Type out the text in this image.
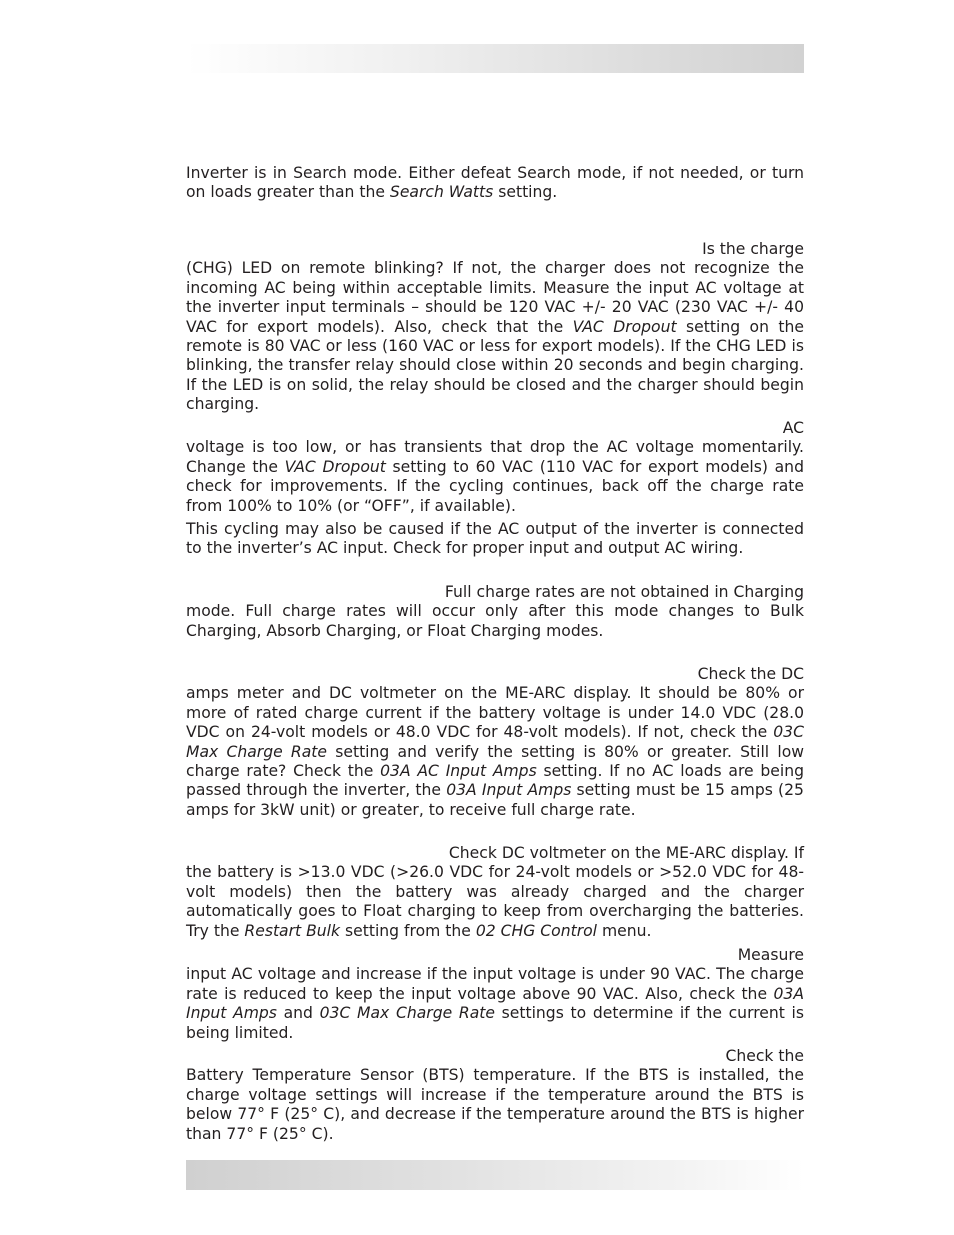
Inverter is in Search mode. Either defeat Search mode, if not needed, or turn on loads greater than the Search Watts setting.

Is the charge
(CHG) LED on remote blinking? If not, the charger does not recognize the incoming AC being within acceptable limits. Measure the input AC voltage at the inverter input terminals – should be 120 VAC +/- 20 VAC (230 VAC +/- 40 VAC for export models). Also, check that the VAC Dropout setting on the remote is 80 VAC or less (160 VAC or less for export models). If the CHG LED is blinking, the transfer relay should close within 20 seconds and begin charging. If the LED is on solid, the relay should be closed and the charger should begin charging.

AC
voltage is too low, or has transients that drop the AC voltage momentarily. Change the VAC Dropout setting to 60 VAC (110 VAC for export models) and check for improvements. If the cycling continues, back off the charge rate from 100% to 10% (or “OFF”, if available).

This cycling may also be caused if the AC output of the inverter is connected to the inverter’s AC input. Check for proper input and output AC wiring.

Full charge rates are not obtained in Charging
mode. Full charge rates will occur only after this mode changes to Bulk Charging, Absorb Charging, or Float Charging modes.

Check the DC
amps meter and DC voltmeter on the ME-ARC display. It should be 80% or more of rated charge current if the battery voltage is under 14.0 VDC (28.0 VDC on 24-volt models or 48.0 VDC for 48-volt models). If not, check the 03C Max Charge Rate setting and verify the setting is 80% or greater. Still low charge rate? Check the 03A AC Input Amps setting. If no AC loads are being passed through the inverter, the 03A Input Amps setting must be 15 amps (25 amps for 3kW unit) or greater, to receive full charge rate.

Check DC voltmeter on the ME-ARC display. If
the battery is >13.0 VDC (>26.0 VDC for 24-volt models or >52.0 VDC for 48-volt models) then the battery was already charged and the charger automatically goes to Float charging to keep from overcharging the batteries. Try the Restart Bulk setting from the 02 CHG Control menu.

Measure
input AC voltage and increase if the input voltage is under 90 VAC. The charge rate is reduced to keep the input voltage above 90 VAC. Also, check the 03A Input Amps and 03C Max Charge Rate settings to determine if the current is being limited.

Check the
Battery Temperature Sensor (BTS) temperature. If the BTS is installed, the charge voltage settings will increase if the temperature around the BTS is below 77° F (25° C), and decrease if the temperature around the BTS is higher than 77° F (25° C).
